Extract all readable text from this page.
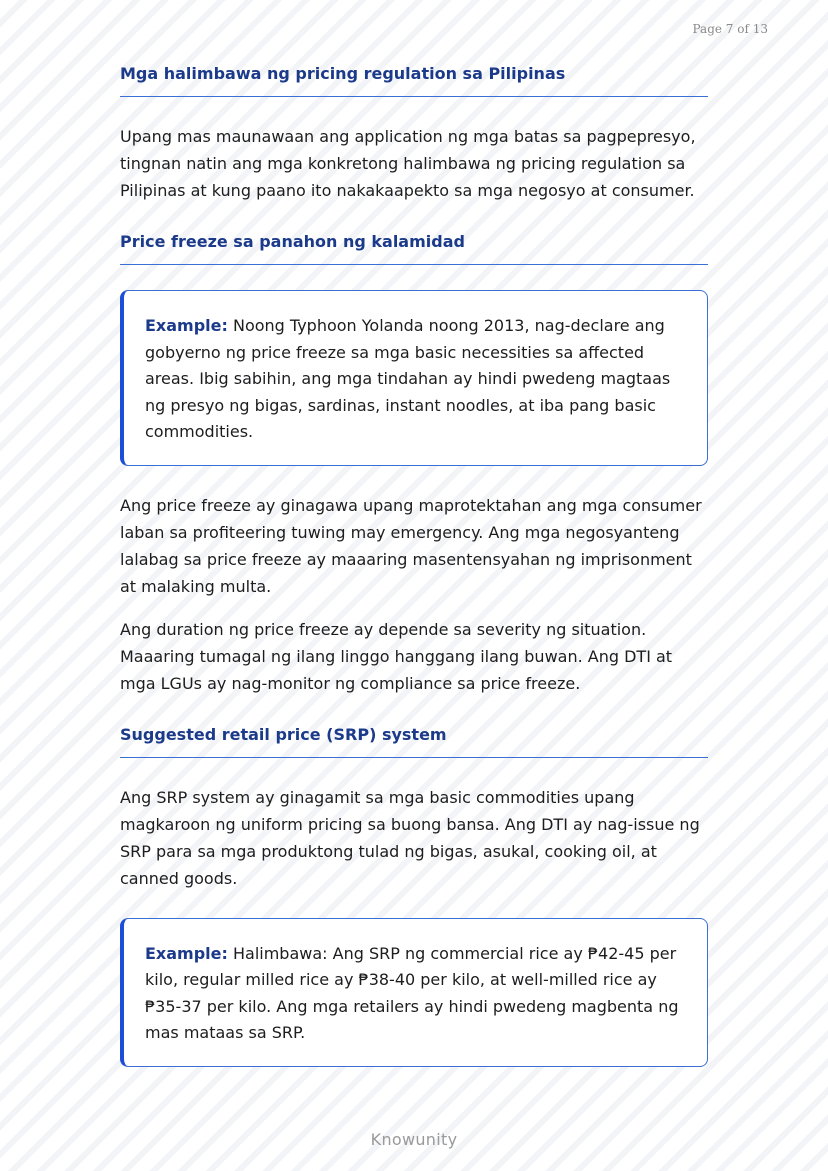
Page 7 of 13
Mga halimbawa ng pricing regulation sa Pilipinas

Upang mas maunawaan ang application ng mga batas sa pagpepresyo, tingnan natin ang mga konkretong halimbawa ng pricing regulation sa Pilipinas at kung paano ito nakakaapekto sa mga negosyo at consumer.

Price freeze sa panahon ng kalamidad

Example: Noong Typhoon Yolanda noong 2013, nag-declare ang gobyerno ng price freeze sa mga basic necessities sa affected areas. Ibig sabihin, ang mga tindahan ay hindi pwedeng magtaas ng presyo ng bigas, sardinas, instant noodles, at iba pang basic commodities.

Ang price freeze ay ginagawa upang maprotektahan ang mga consumer laban sa profiteering tuwing may emergency. Ang mga negosyanteng lalabag sa price freeze ay maaaring masentensyahan ng imprisonment at malaking multa.

Ang duration ng price freeze ay depende sa severity ng situation. Maaaring tumagal ng ilang linggo hanggang ilang buwan. Ang DTI at mga LGUs ay nag-monitor ng compliance sa price freeze.

Suggested retail price (SRP) system

Ang SRP system ay ginagamit sa mga basic commodities upang magkaroon ng uniform pricing sa buong bansa. Ang DTI ay nag-issue ng SRP para sa mga produktong tulad ng bigas, asukal, cooking oil, at canned goods.

Example: Halimbawa: Ang SRP ng commercial rice ay ₱42-45 per kilo, regular milled rice ay ₱38-40 per kilo, at well-milled rice ay ₱35-37 per kilo. Ang mga retailers ay hindi pwedeng magbenta ng mas mataas sa SRP.

Knowunity
